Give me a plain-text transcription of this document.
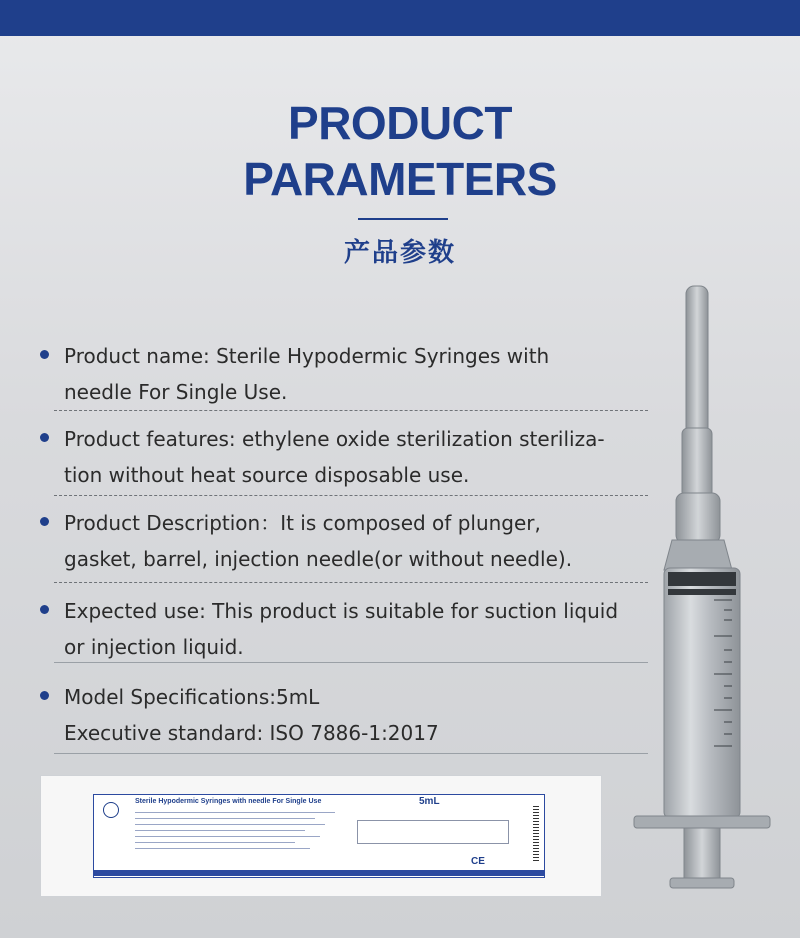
PRODUCT
PARAMETERS
产品参数
Product name: Sterile Hypodermic Syringes with
needle For Single Use.
Product features: ethylene oxide sterilization steriliza-
tion without heat source disposable use.
Product Description：It is composed of plunger,
gasket, barrel, injection needle(or without needle).
Expected use: This product is suitable for suction liquid
or injection liquid.
Model Specifications:5mL
Executive standard: ISO 7886-1:2017
Sterile Hypodermic Syringes with needle For Single Use	5mL
CE
